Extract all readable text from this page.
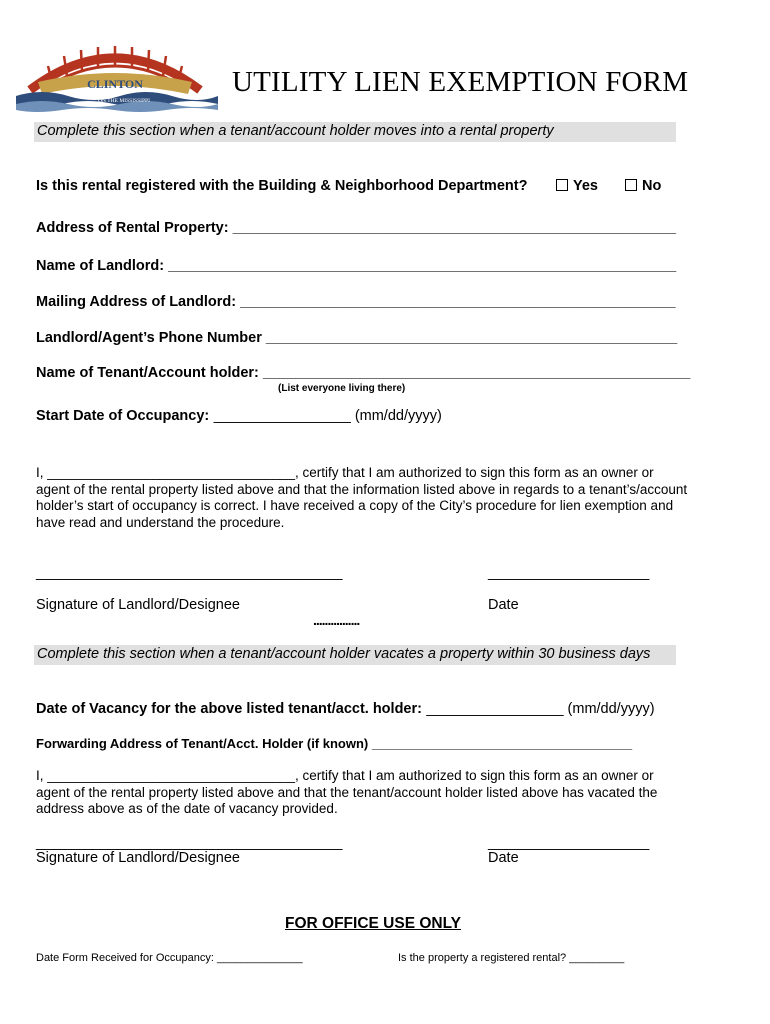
CLINTON
ON THE MISSISSIPPI
UTILITY LIEN EXEMPTION FORM
Complete this section when a tenant/account holder moves into a rental property
Is this rental registered with the Building & Neighborhood Department?	Yes	No
Address of Rental Property: _______________________________________________________
Name of Landlord: _______________________________________________________________
Mailing Address of Landlord: ______________________________________________________
Landlord/Agent’s Phone Number ___________________________________________________
Name of Tenant/Account holder: _____________________________________________________
(List everyone living there)
Start Date of Occupancy: _________________ (mm/dd/yyyy)

I, _________________________________, certify that I am authorized to sign this form as an owner or

agent of the rental property listed above and that the information listed above in regards to a tenant’s/account

holder’s start of occupancy is correct. I have received a copy of the City’s procedure for lien exemption and

have read and understand the procedure.

______________________________________	____________________
Signature of Landlord/Designee	Date
................
Complete this section when a tenant/account holder vacates a property within 30 business days
Date of Vacancy for the above listed tenant/acct. holder: _________________ (mm/dd/yyyy)
Forwarding Address of Tenant/Acct. Holder (if known) ____________________________________

I, _________________________________, certify that I am authorized to sign this form as an owner or

agent of the rental property listed above and that the tenant/account holder listed above has vacated the

address above as of the date of vacancy provided.

______________________________________	____________________
Signature of Landlord/Designee	Date
FOR OFFICE USE ONLY
Date Form Received for Occupancy: ______________	Is the property a registered rental? _________
